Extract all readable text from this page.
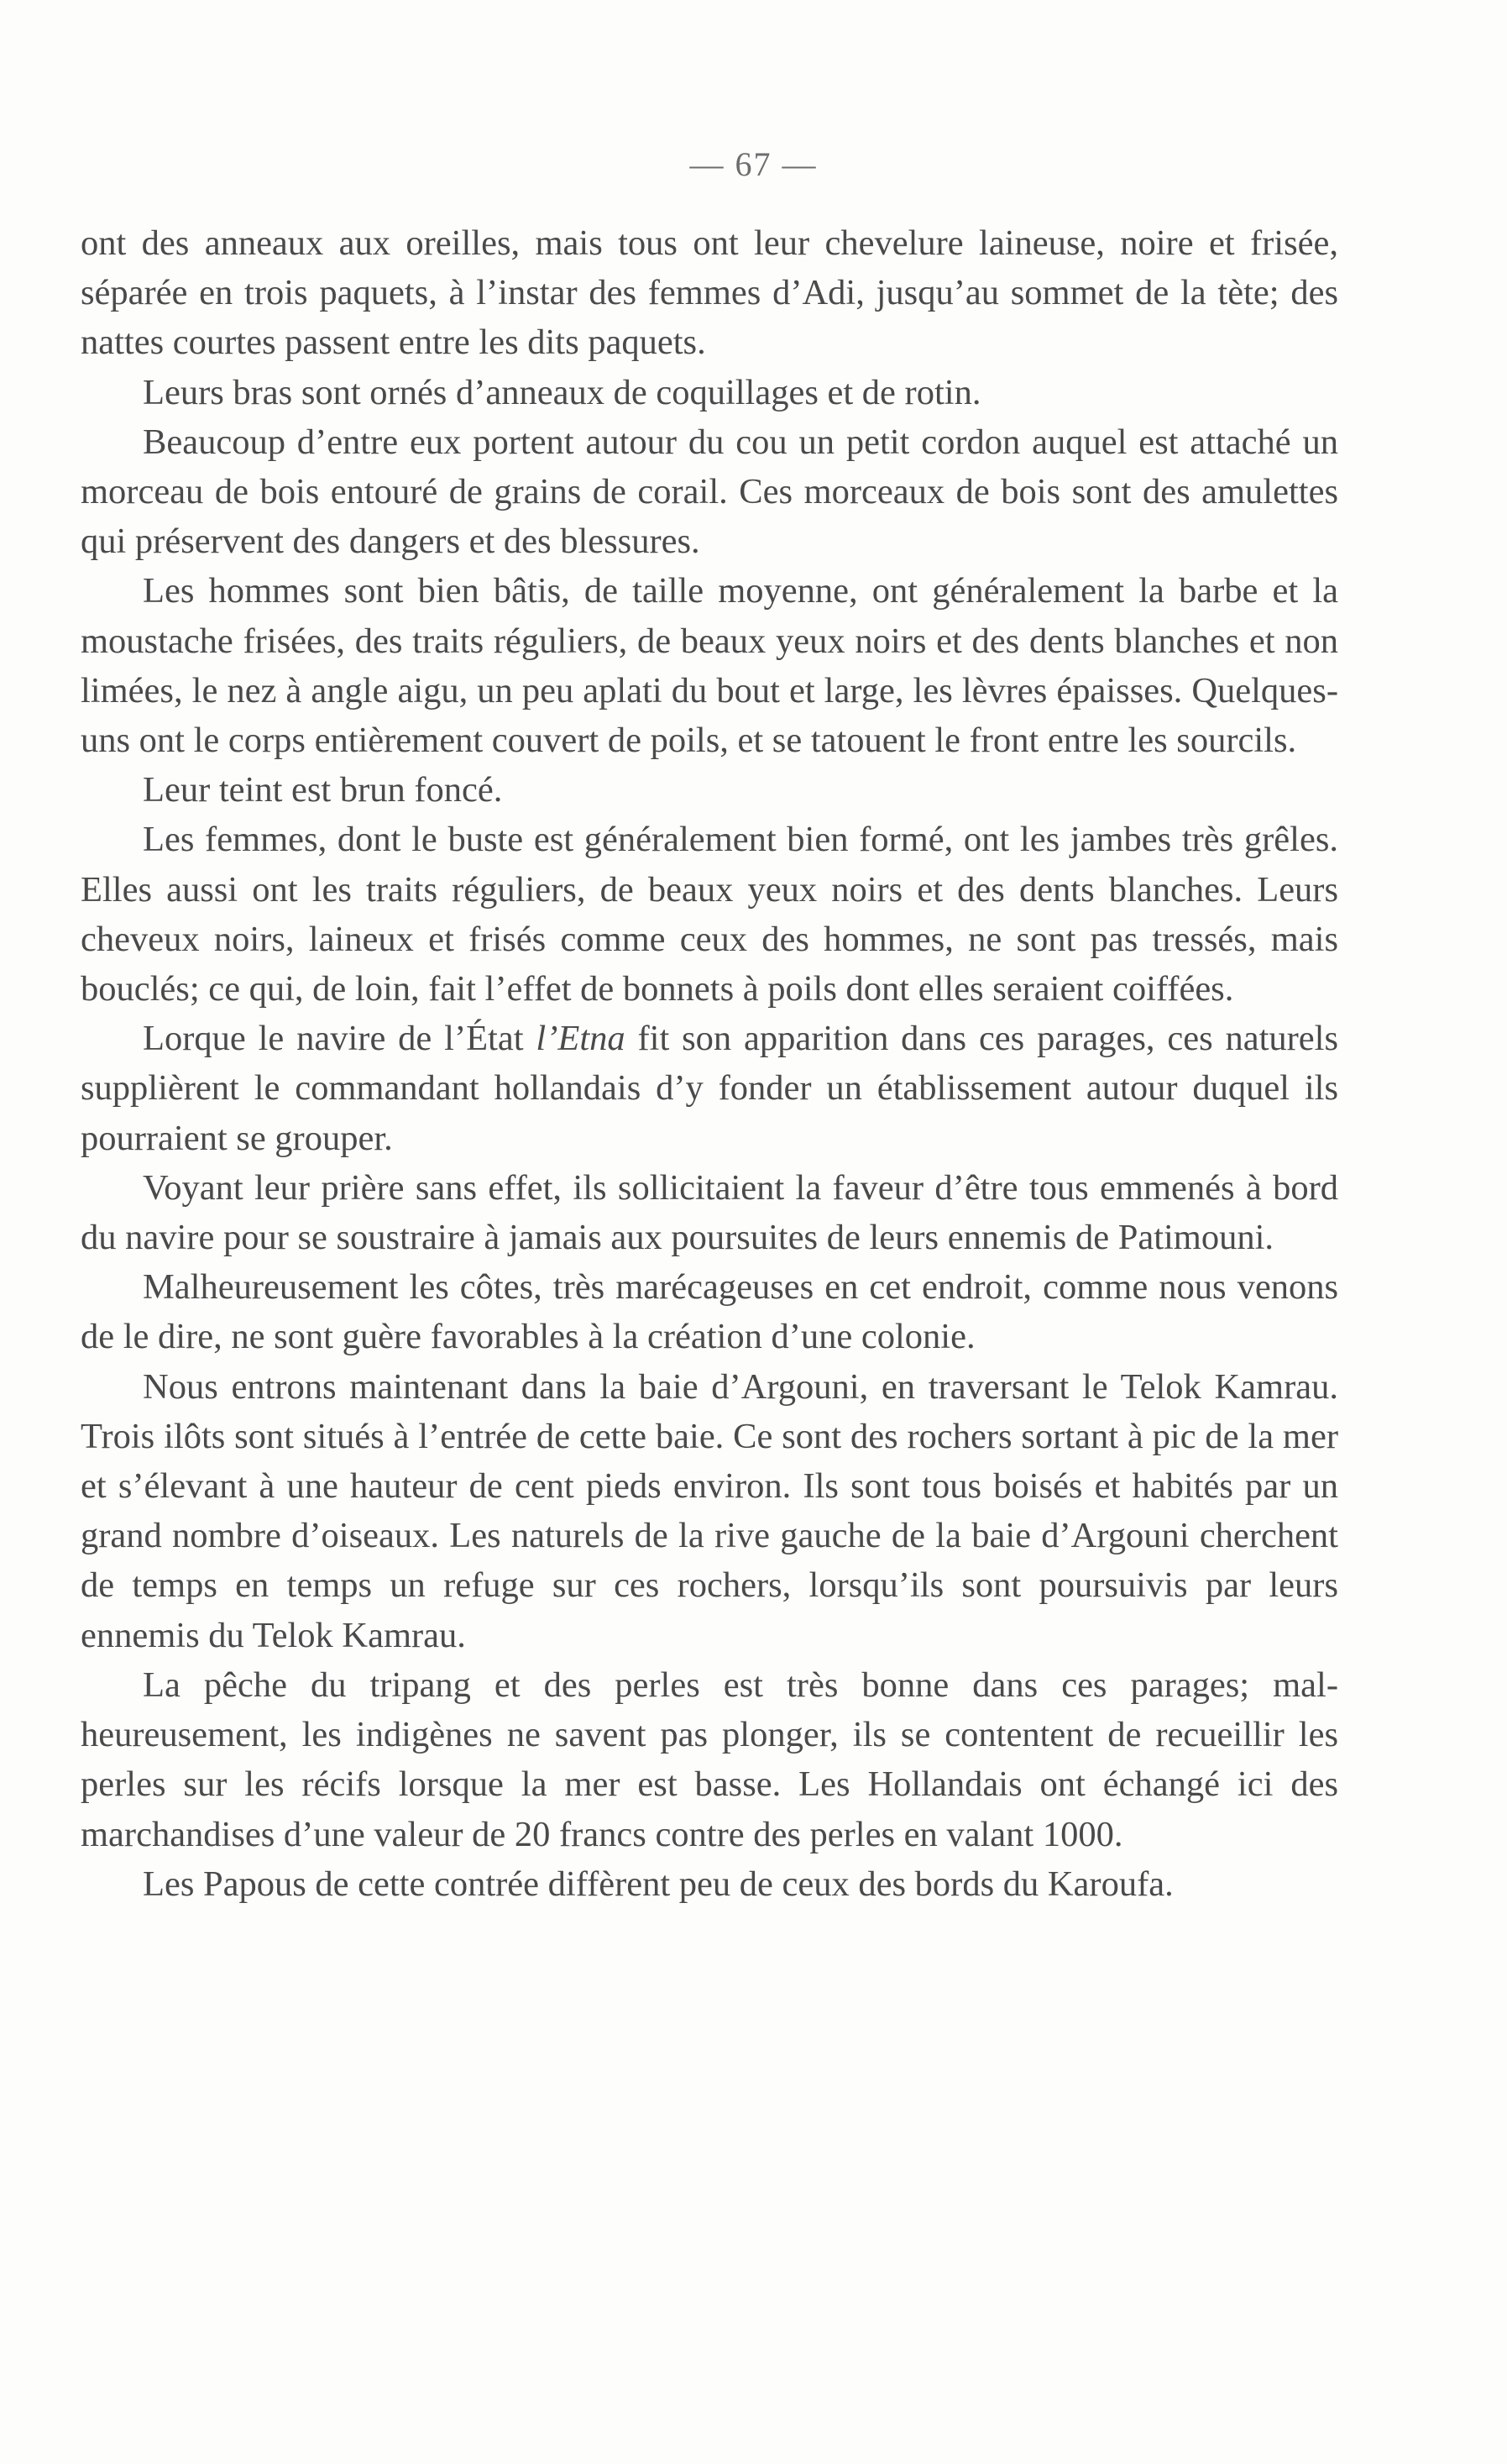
— 67 —

ont des anneaux aux oreilles, mais tous ont leur chevelure laineuse, noire et frisée, séparée en trois paquets, à l’instar des femmes d’Adi, jusqu’au sommet de la tète; des nattes courtes passent entre les dits paquets.

Leurs bras sont ornés d’anneaux de coquillages et de rotin.

Beaucoup d’entre eux portent autour du cou un petit cordon auquel est attaché un morceau de bois entouré de grains de corail. Ces morceaux de bois sont des amulettes qui préservent des dangers et des blessures.

Les hommes sont bien bâtis, de taille moyenne, ont généralement la barbe et la moustache frisées, des traits réguliers, de beaux yeux noirs et des dents blanches et non limées, le nez à angle aigu, un peu aplati du bout et large, les lèvres épaisses. Quelques-uns ont le corps entièrement couvert de poils, et se tatouent le front entre les sourcils.

Leur teint est brun foncé.

Les femmes, dont le buste est généralement bien formé, ont les jambes très grêles. Elles aussi ont les traits réguliers, de beaux yeux noirs et des dents blanches. Leurs cheveux noirs, laineux et frisés comme ceux des hommes, ne sont pas tressés, mais bouclés; ce qui, de loin, fait l’effet de bonnets à poils dont elles seraient coiffées.

Lorque le navire de l’État l’Etna fit son apparition dans ces parages, ces naturels supplièrent le commandant hollandais d’y fonder un établissement autour duquel ils pourraient se grouper.

Voyant leur prière sans effet, ils sollicitaient la faveur d’être tous emmenés à bord du navire pour se soustraire à jamais aux poursuites de leurs ennemis de Patimouni.

Malheureusement les côtes, très marécageuses en cet endroit, comme nous venons de le dire, ne sont guère favorables à la création d’une colonie.

Nous entrons maintenant dans la baie d’Argouni, en traversant le Telok Kamrau. Trois ilôts sont situés à l’entrée de cette baie. Ce sont des rochers sortant à pic de la mer et s’élevant à une hauteur de cent pieds environ. Ils sont tous boisés et habités par un grand nombre d’oiseaux. Les naturels de la rive gauche de la baie d’Argouni cherchent de temps en temps un refuge sur ces rochers, lorsqu’ils sont poursuivis par leurs ennemis du Telok Kamrau.

La pêche du tripang et des perles est très bonne dans ces parages; malheureusement, les indigènes ne savent pas plonger, ils se contentent de recueillir les perles sur les récifs lorsque la mer est basse. Les Hollandais ont échangé ici des marchandises d’une valeur de 20 francs contre des perles en valant 1000.

Les Papous de cette contrée diffèrent peu de ceux des bords du Karoufa.
